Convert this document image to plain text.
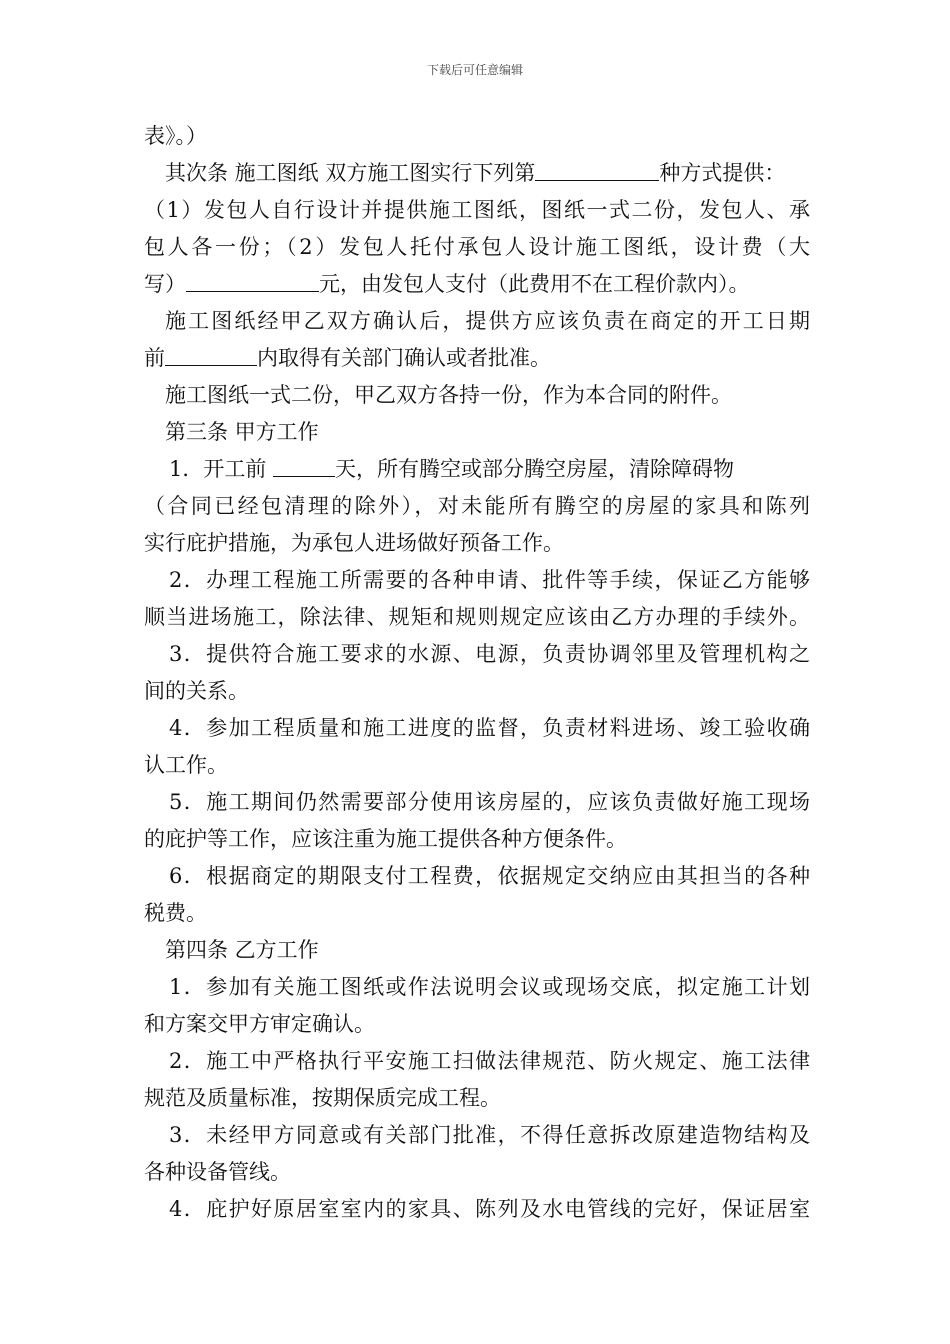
下载后可任意编辑
表》。）
其次条 施工图纸 双方施工图实行下列第	种方式提供：
（1）发包人自行设计并提供施工图纸，图纸一式二份，发包人、承
包人各一份；（2）发包人托付承包人设计施工图纸，设计费（大
写）	元，由发包人支付（此费用不在工程价款内）。
施工图纸经甲乙双方确认后，提供方应该负责在商定的开工日期
前	内取得有关部门确认或者批准。
施工图纸一式二份，甲乙双方各持一份，作为本合同的附件。
第三条 甲方工作
1．开工前	天，所有腾空或部分腾空房屋，清除障碍物
（合同已经包清理的除外），对未能所有腾空的房屋的家具和陈列
实行庇护措施，为承包人进场做好预备工作。
2．办理工程施工所需要的各种申请、批件等手续，保证乙方能够
顺当进场施工，除法律、规矩和规则规定应该由乙方办理的手续外。
3．提供符合施工要求的水源、电源，负责协调邻里及管理机构之
间的关系。
4．参加工程质量和施工进度的监督，负责材料进场、竣工验收确
认工作。
5．施工期间仍然需要部分使用该房屋的，应该负责做好施工现场
的庇护等工作，应该注重为施工提供各种方便条件。
6．根据商定的期限支付工程费，依据规定交纳应由其担当的各种
税费。
第四条 乙方工作
1．参加有关施工图纸或作法说明会议或现场交底，拟定施工计划
和方案交甲方审定确认。
2．施工中严格执行平安施工扫做法律规范、防火规定、施工法律
规范及质量标准，按期保质完成工程。
3．未经甲方同意或有关部门批准，不得任意拆改原建造物结构及
各种设备管线。
4．庇护好原居室室内的家具、陈列及水电管线的完好，保证居室
